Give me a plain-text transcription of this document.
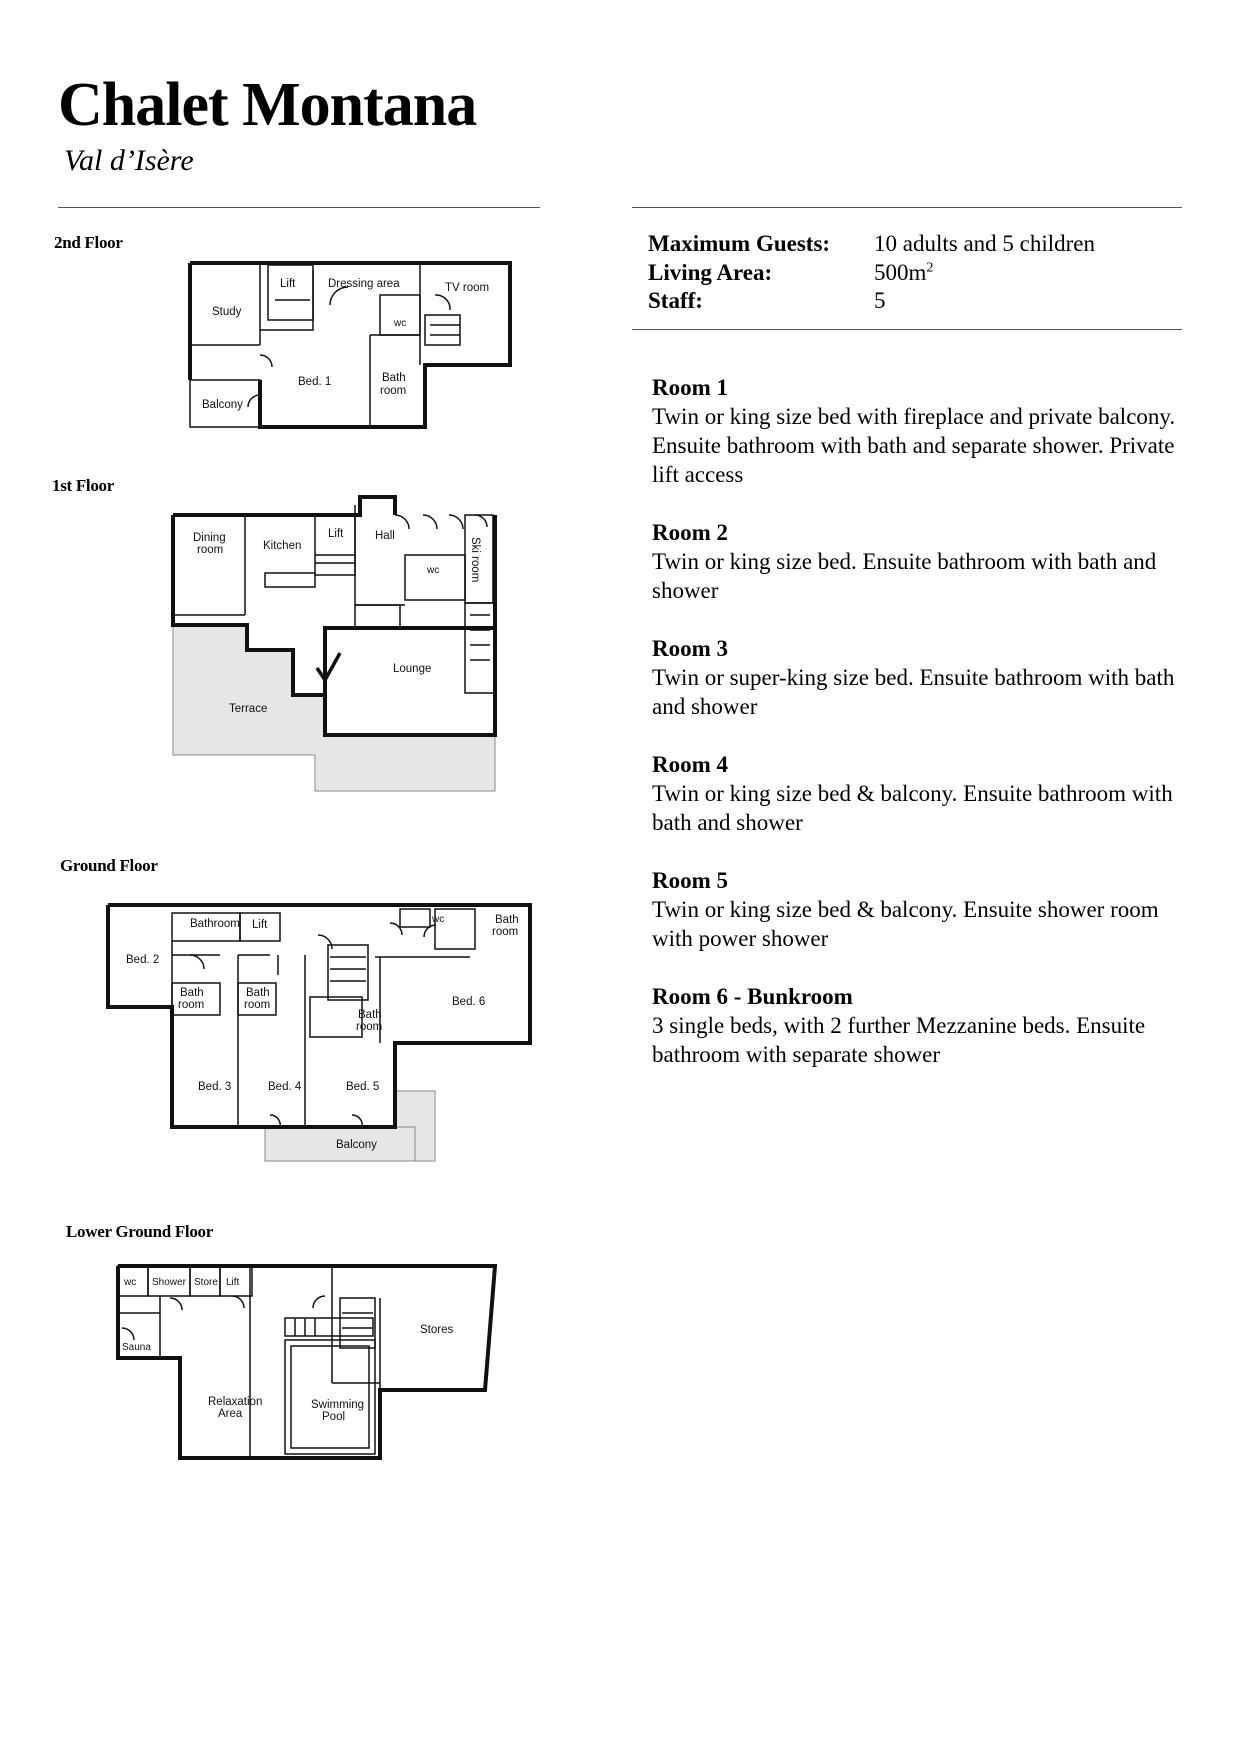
Chalet Montana
Val d’Isère
Maximum Guests:	10 adults and 5 children
Living Area:	$500m^2$
Staff:	5
Room 1
Twin or king size bed with fireplace and private balcony. Ensuite bathroom with bath and separate shower. Private lift access
Room 2
Twin or king size bed. Ensuite bathroom with bath and shower
Room 3
Twin or super-king size bed. Ensuite bathroom with bath and shower
Room 4
Twin or king size bed & balcony. Ensuite bathroom with bath and shower
Room 5
Twin or king size bed & balcony. Ensuite shower room with power shower
Room 6 - Bunkroom
3 single beds, with 2 further Mezzanine beds. Ensuite bathroom with separate shower
2nd Floor
Lift	Dressing area	TV room
Study
wc
Bed. 1	Bath
room
Balcony
1st Floor
Dining
room	Kitchen
Lift	Hall
wc	Ski room
Lounge
Terrace
Ground Floor
Bathroom Lift	wc	Bath
room
Bed. 2
Bath
room
Bath
room
Bath
room
Bed. 6
Bed. 3	Bed. 4	Bed. 5
Balcony
Lower Ground Floor
wc Shower Store Lift
Stores
Sauna
Relaxation
Area
Swimming
Pool
